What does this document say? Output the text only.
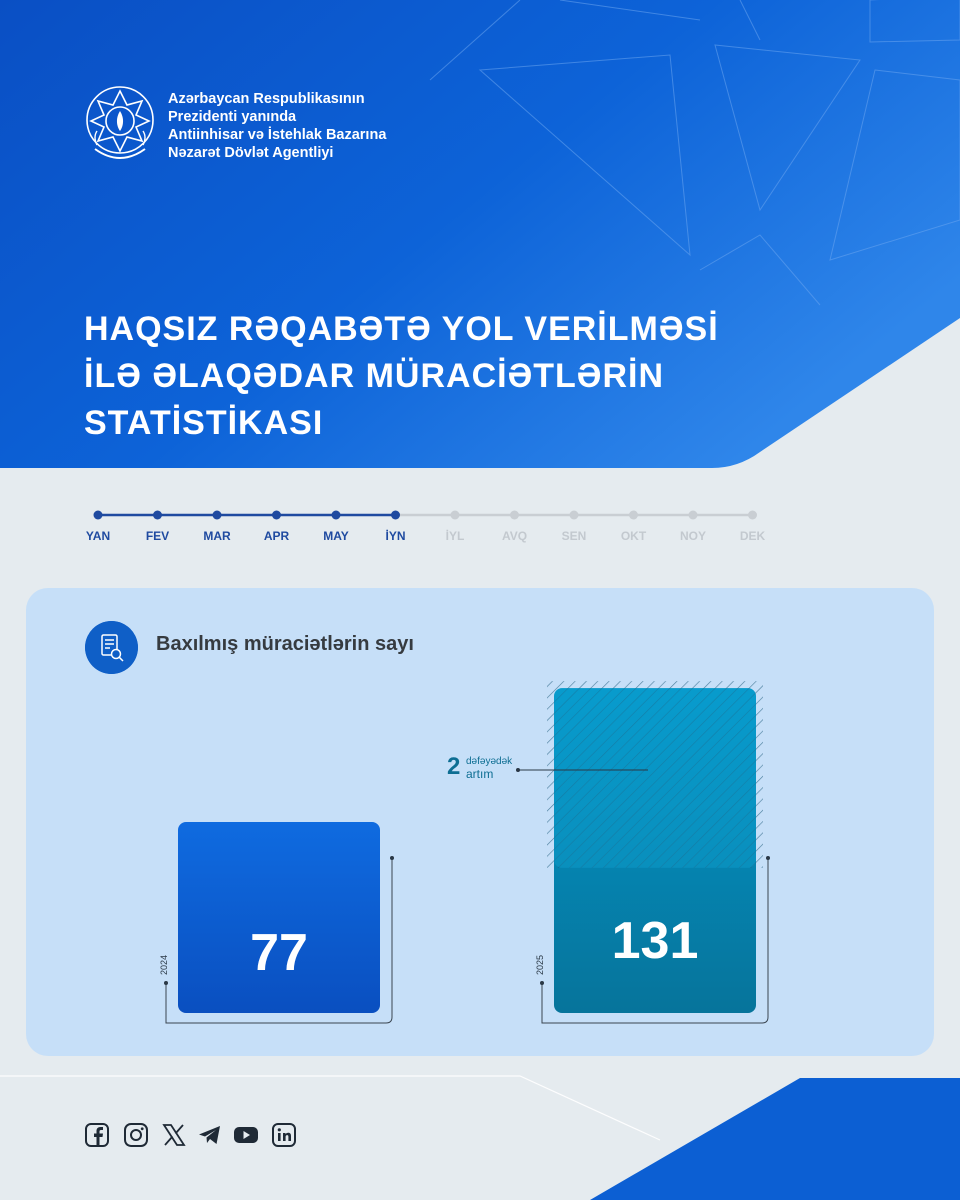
Azərbaycan Respublikasının
Prezidenti yanında
Antiinhisar və İstehlak Bazarına
Nəzarət Dövlət Agentliyi
HAQSIZ RƏQABƏTƏ YOL VERİLMƏSİ
İLƏ ƏLAQƏDAR MÜRACİƏTLƏRİN
STATİSTİKASI
YAN	FEV	MAR	APR	MAY	İYN	İYL	AVQ	SEN	OKT	NOY	DEK
Baxılmış müraciətlərin sayı
77
2024	131
2025
2 dəfəyədək
artım
